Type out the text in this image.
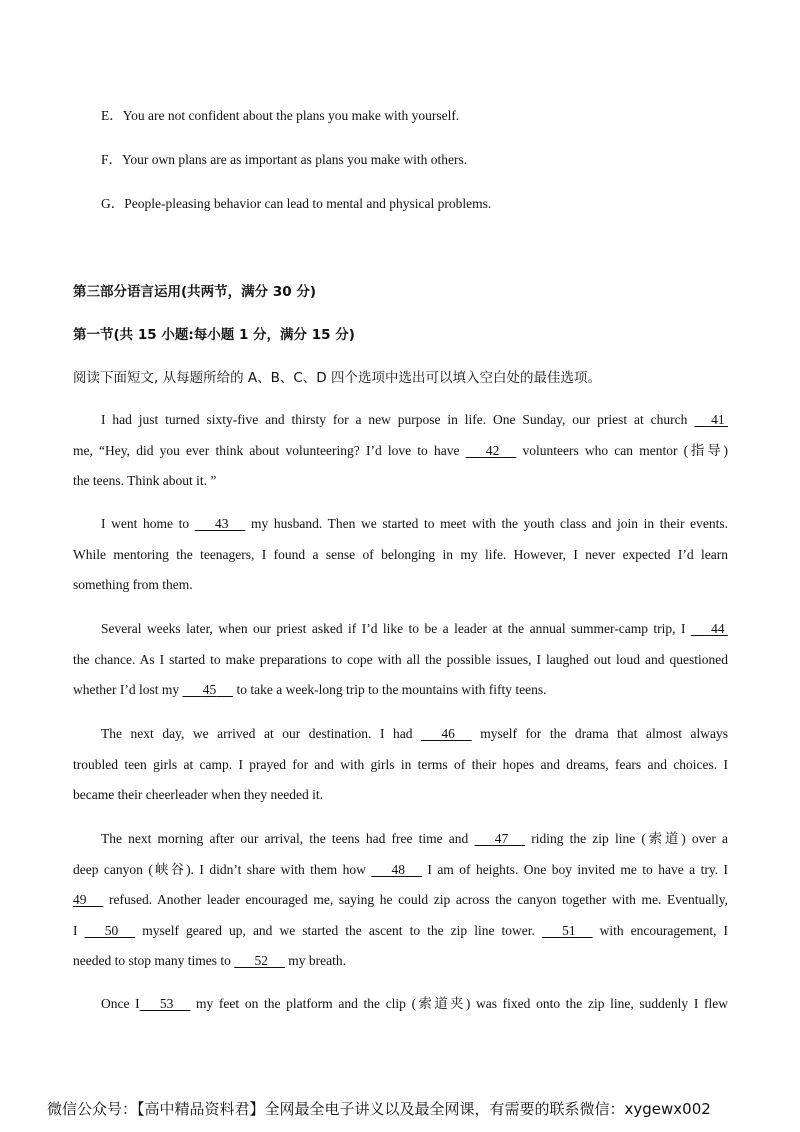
E．You are not confident about the plans you make with yourself.
F．Your own plans are as important as plans you make with others.
G．People-pleasing behavior can lead to mental and physical problems.
第三部分语言运用(共两节，满分 30 分)
第一节(共 15 小题:每小题 1 分，满分 15 分)
阅读下面短文, 从每题所给的 A、B、C、D 四个选项中选出可以填入空白处的最佳选项。
I had just turned sixty-five and thirsty for a new purpose in life. One Sunday, our priest at church 41
me, “Hey, did you ever think about volunteering? I’d love to have 42 volunteers who can mentor (指导)
the teens. Think about it. ”
I went home to 43 my husband. Then we started to meet with the youth class and join in their events.
While mentoring the teenagers, I found a sense of belonging in my life. However, I never expected I’d learn
something from them.
Several weeks later, when our priest asked if I’d like to be a leader at the annual summer-camp trip, I 44
the chance. As I started to make preparations to cope with all the possible issues, I laughed out loud and questioned
whether I’d lost my 45 to take a week-long trip to the mountains with fifty teens.
The next day, we arrived at our destination. I had 46 myself for the drama that almost always
troubled teen girls at camp. I prayed for and with girls in terms of their hopes and dreams, fears and choices. I
became their cheerleader when they needed it.
The next morning after our arrival, the teens had free time and 47 riding the zip line (索道) over a
deep canyon (峡谷). I didn’t share with them how 48 I am of heights. One boy invited me to have a try. I
49 refused. Another leader encouraged me, saying he could zip across the canyon together with me. Eventually,
I 50 myself geared up, and we started the ascent to the zip line tower. 51 with encouragement, I
needed to stop many times to 52 my breath.
Once I 53 my feet on the platform and the clip (索道夹) was fixed onto the zip line, suddenly I flew
微信公众号：【高中精品资料君】全网最全电子讲义以及最全网课，有需要的联系微信：xygewx002
